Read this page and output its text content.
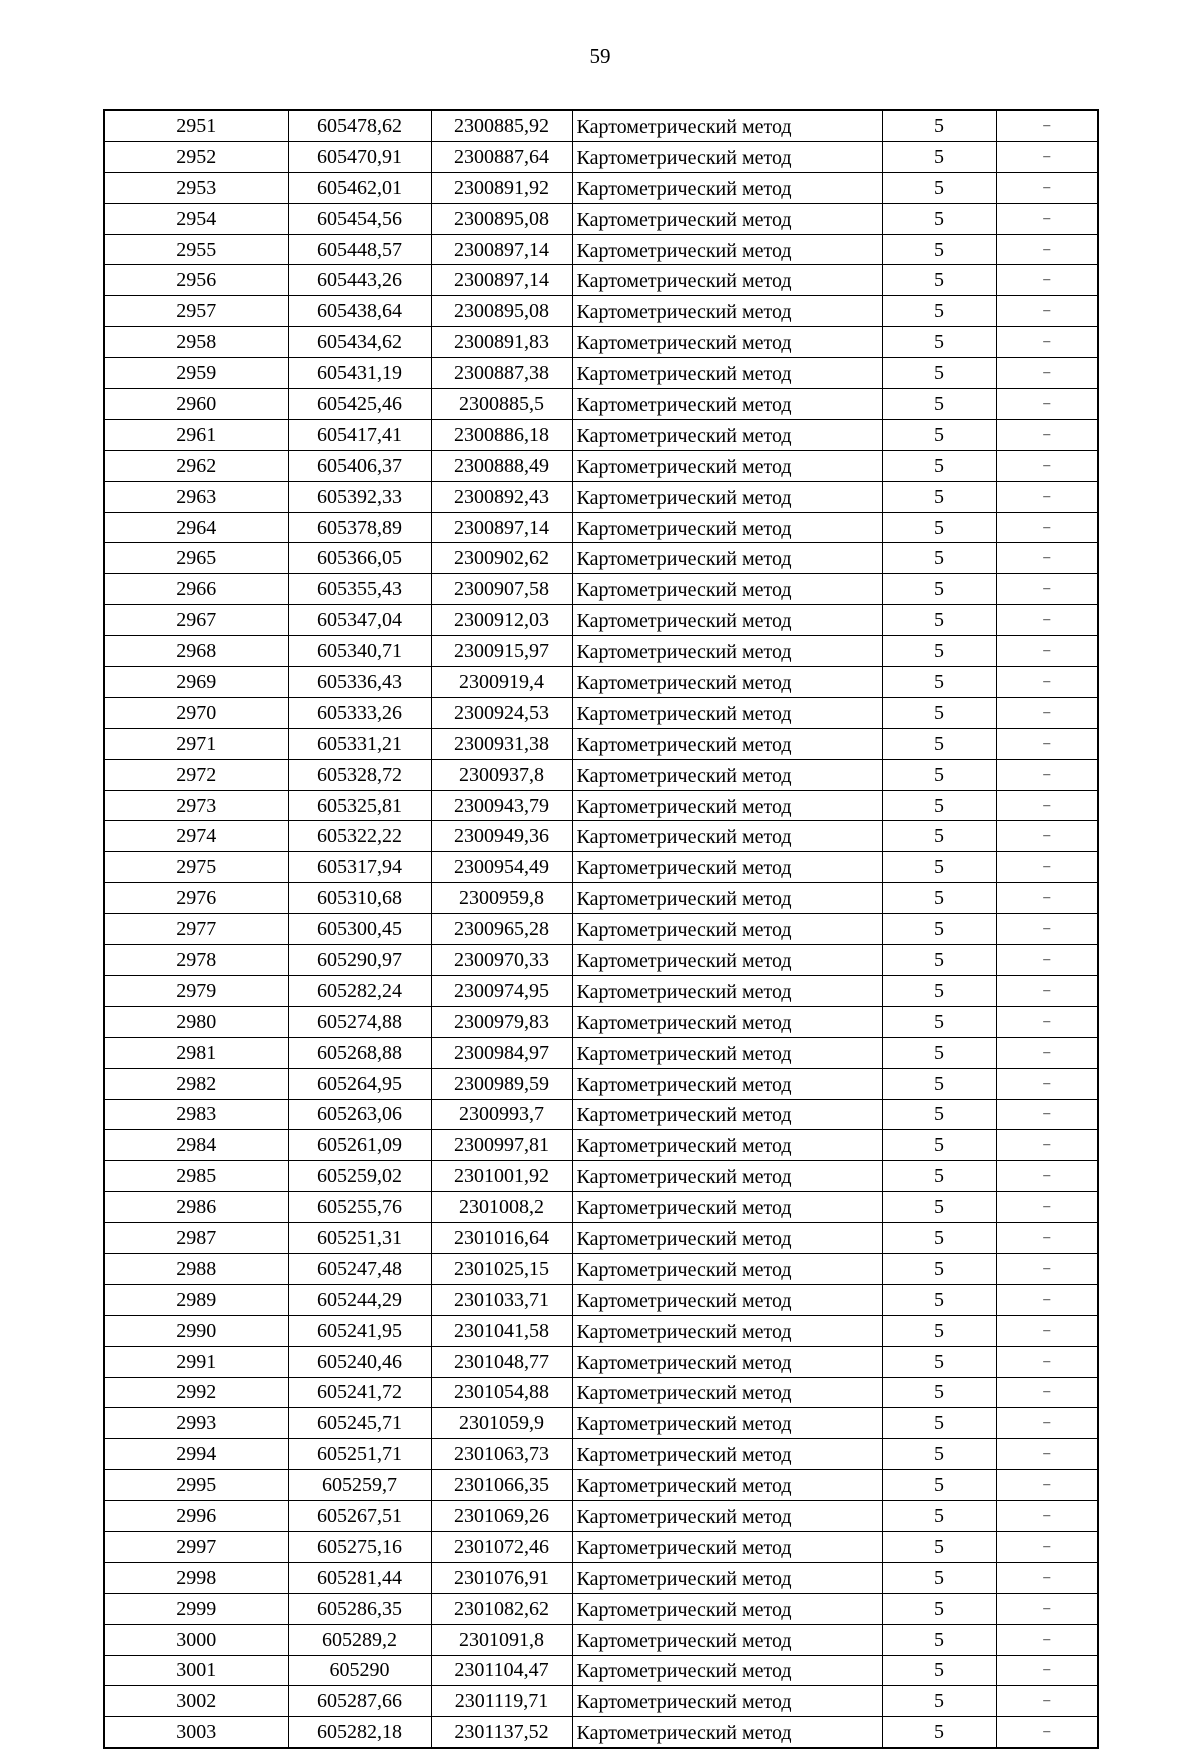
59
2951	605478,62	2300885,92	Картометрический метод	5	–
2952	605470,91	2300887,64	Картометрический метод	5	–
2953	605462,01	2300891,92	Картометрический метод	5	–
2954	605454,56	2300895,08	Картометрический метод	5	–
2955	605448,57	2300897,14	Картометрический метод	5	–
2956	605443,26	2300897,14	Картометрический метод	5	–
2957	605438,64	2300895,08	Картометрический метод	5	–
2958	605434,62	2300891,83	Картометрический метод	5	–
2959	605431,19	2300887,38	Картометрический метод	5	–
2960	605425,46	2300885,5	Картометрический метод	5	–
2961	605417,41	2300886,18	Картометрический метод	5	–
2962	605406,37	2300888,49	Картометрический метод	5	–
2963	605392,33	2300892,43	Картометрический метод	5	–
2964	605378,89	2300897,14	Картометрический метод	5	–
2965	605366,05	2300902,62	Картометрический метод	5	–
2966	605355,43	2300907,58	Картометрический метод	5	–
2967	605347,04	2300912,03	Картометрический метод	5	–
2968	605340,71	2300915,97	Картометрический метод	5	–
2969	605336,43	2300919,4	Картометрический метод	5	–
2970	605333,26	2300924,53	Картометрический метод	5	–
2971	605331,21	2300931,38	Картометрический метод	5	–
2972	605328,72	2300937,8	Картометрический метод	5	–
2973	605325,81	2300943,79	Картометрический метод	5	–
2974	605322,22	2300949,36	Картометрический метод	5	–
2975	605317,94	2300954,49	Картометрический метод	5	–
2976	605310,68	2300959,8	Картометрический метод	5	–
2977	605300,45	2300965,28	Картометрический метод	5	–
2978	605290,97	2300970,33	Картометрический метод	5	–
2979	605282,24	2300974,95	Картометрический метод	5	–
2980	605274,88	2300979,83	Картометрический метод	5	–
2981	605268,88	2300984,97	Картометрический метод	5	–
2982	605264,95	2300989,59	Картометрический метод	5	–
2983	605263,06	2300993,7	Картометрический метод	5	–
2984	605261,09	2300997,81	Картометрический метод	5	–
2985	605259,02	2301001,92	Картометрический метод	5	–
2986	605255,76	2301008,2	Картометрический метод	5	–
2987	605251,31	2301016,64	Картометрический метод	5	–
2988	605247,48	2301025,15	Картометрический метод	5	–
2989	605244,29	2301033,71	Картометрический метод	5	–
2990	605241,95	2301041,58	Картометрический метод	5	–
2991	605240,46	2301048,77	Картометрический метод	5	–
2992	605241,72	2301054,88	Картометрический метод	5	–
2993	605245,71	2301059,9	Картометрический метод	5	–
2994	605251,71	2301063,73	Картометрический метод	5	–
2995	605259,7	2301066,35	Картометрический метод	5	–
2996	605267,51	2301069,26	Картометрический метод	5	–
2997	605275,16	2301072,46	Картометрический метод	5	–
2998	605281,44	2301076,91	Картометрический метод	5	–
2999	605286,35	2301082,62	Картометрический метод	5	–
3000	605289,2	2301091,8	Картометрический метод	5	–
3001	605290	2301104,47	Картометрический метод	5	–
3002	605287,66	2301119,71	Картометрический метод	5	–
3003	605282,18	2301137,52	Картометрический метод	5	–
